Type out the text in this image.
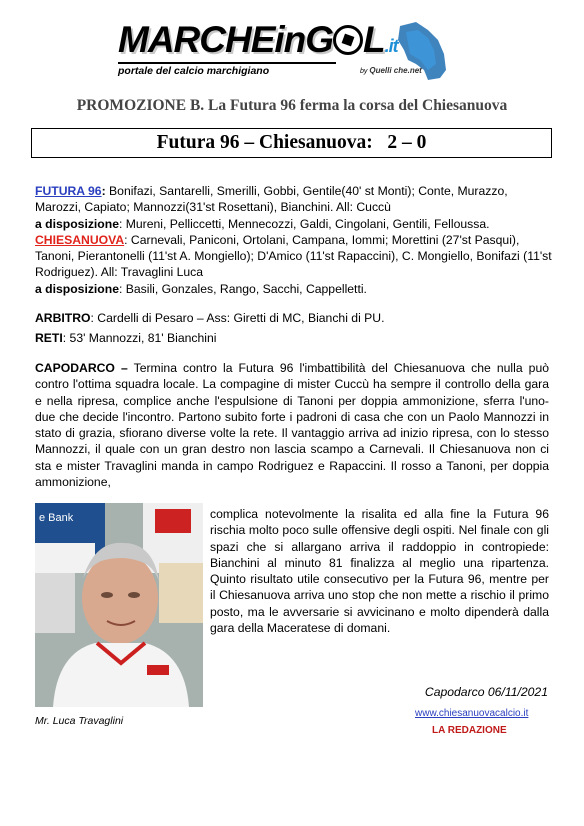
MARCHEinG L.it
portale del calcio marchigiano	by Quelli che.net
PROMOZIONE B. La Futura 96 ferma la corsa del Chiesanuova
Futura 96 – Chiesanuova:   2 – 0

FUTURA 96: Bonifazi, Santarelli, Smerilli, Gobbi, Gentile(40' st Monti); Conte, Murazzo, Marozzi, Capiato; Mannozzi(31'st Rosettani), Bianchini. All: Cuccù

a disposizione: Mureni, Pelliccetti, Mennecozzi, Galdi, Cingolani, Gentili, Felloussa.

CHIESANUOVA: Carnevali, Paniconi, Ortolani, Campana, Iommi; Morettini (27'st Pasqui), Tanoni, Pierantonelli (11'st A. Mongiello); D'Amico (11'st Rapaccini), C. Mongiello, Bonifazi (11'st Rodriguez). All: Travaglini Luca

a disposizione: Basili, Gonzales, Rango, Sacchi, Cappelletti.

ARBITRO: Cardelli di Pesaro – Ass: Giretti di MC, Bianchi di PU.

RETI: 53' Mannozzi, 81' Bianchini

CAPODARCO – Termina contro la Futura 96 l'imbattibilità del Chiesanuova che nulla può contro l'ottima squadra locale. La compagine di mister Cuccù ha sempre il controllo della gara e nella ripresa, complice anche l'espulsione di Tanoni per doppia ammonizione, sferra l'uno-due che decide l'incontro. Partono subito forte i padroni di casa che con un Paolo Mannozzi in stato di grazia, sfiorano diverse volte la rete. Il vantaggio arriva ad inizio ripresa, con lo stesso Mannozzi, il quale con un gran destro non lascia scampo a Carnevali. Il Chiesanuova non ci sta e mister Travaglini manda in campo Rodriguez e Rapaccini. Il rosso a Tanoni, per doppia ammonizione,

e Bank	complica notevolmente la risalita ed alla fine la Futura 96 rischia molto poco sulle offensive degli ospiti. Nel finale con gli spazi che si allargano arriva il raddoppio in contropiede: Bianchini al minuto 81 finalizza al meglio una ripartenza. Quinto risultato utile consecutivo per la Futura 96, mentre per il Chiesanuova arriva uno stop che non mette a rischio il primo posto, ma le avversarie si avvicinano e molto dipenderà dalla gara della Maceratese di domani.
Mr. Luca Travaglini
Capodarco 06/11/2021
www.chiesanuovacalcio.it
LA REDAZIONE
